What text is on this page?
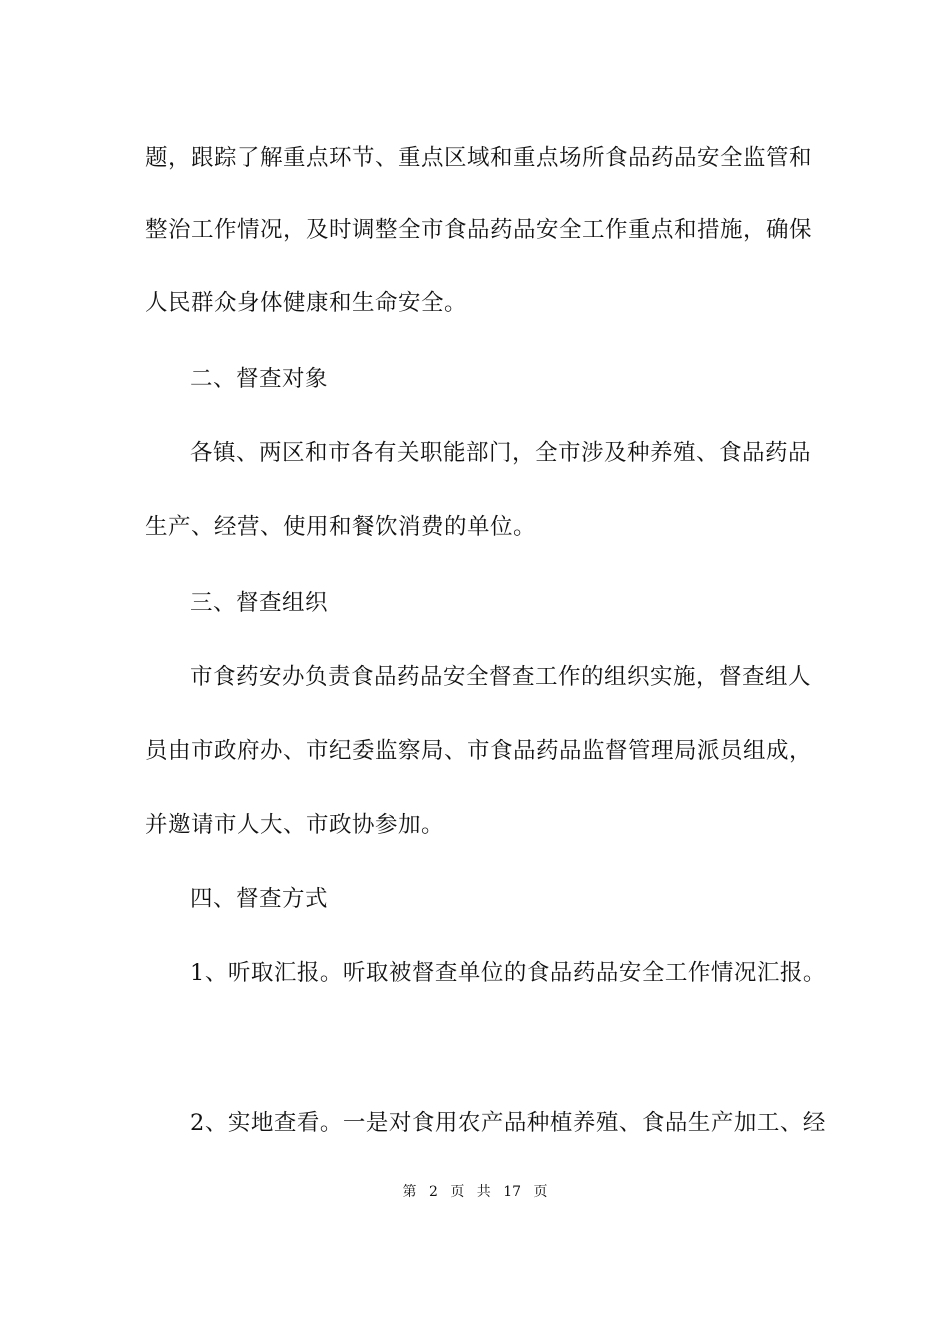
题，跟踪了解重点环节、重点区域和重点场所食品药品安全监管和

整治工作情况，及时调整全市食品药品安全工作重点和措施，确保

人民群众身体健康和生命安全。

二、督查对象

各镇、两区和市各有关职能部门，全市涉及种养殖、食品药品

生产、经营、使用和餐饮消费的单位。

三、督查组织

市食药安办负责食品药品安全督查工作的组织实施，督查组人

员由市政府办、市纪委监察局、市食品药品监督管理局派员组成，

并邀请市人大、市政协参加。

四、督查方式

1、听取汇报。听取被督查单位的食品药品安全工作情况汇报。

2、实地查看。一是对食用农产品种植养殖、食品生产加工、经

第 2 页 共 17 页
